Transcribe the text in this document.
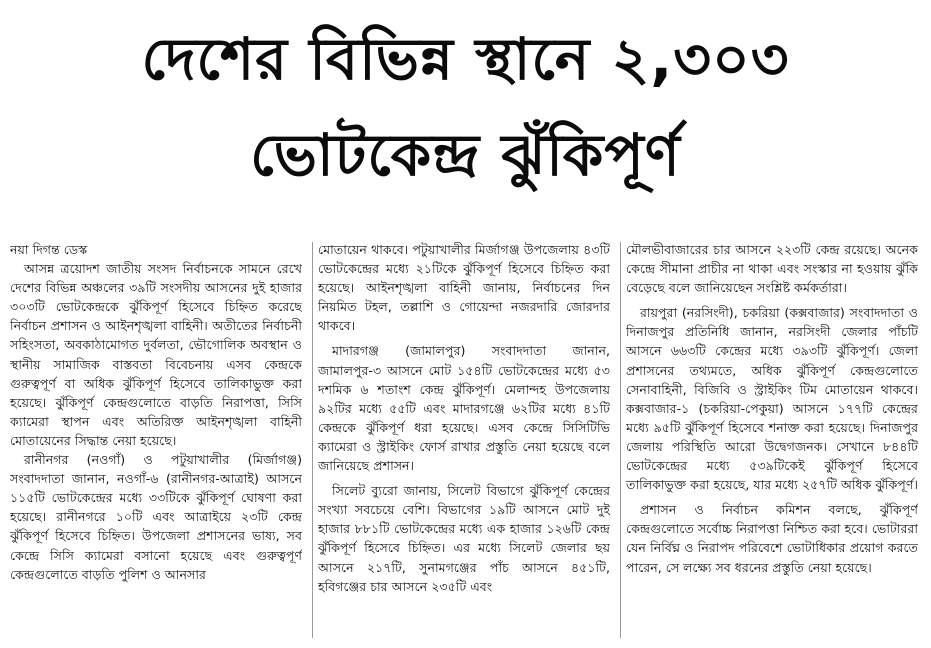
দেশের বিভিন্ন স্থানে ২,৩০৩
ভোটকেন্দ্র ঝুঁকিপূর্ণ

নয়া দিগন্ত ডেস্ক

আসন্ন ত্রয়োদশ জাতীয় সংসদ নির্বাচনকে সামনে রেখে দেশের বিভিন্ন অঞ্চলের ৩৯টি সংসদীয় আসনের দুই হাজার ৩০৩টি ভোটকেন্দ্রকে ঝুঁকিপূর্ণ হিসেবে চিহ্নিত করেছে নির্বাচন প্রশাসন ও আইনশৃঙ্খলা বাহিনী। অতীতের নির্বাচনী সহিংসতা, অবকাঠামোগত দুর্বলতা, ভৌগোলিক অবস্থান ও স্থানীয় সামাজিক বাস্তবতা বিবেচনায় এসব কেন্দ্রকে গুরুত্বপূর্ণ বা অধিক ঝুঁকিপূর্ণ হিসেবে তালিকাভুক্ত করা হয়েছে। ঝুঁকিপূর্ণ কেন্দ্রগুলোতে বাড়তি নিরাপত্তা, সিসি ক্যামেরা স্থাপন এবং অতিরিক্ত আইনশৃঙ্খলা বাহিনী মোতায়েনের সিদ্ধান্ত নেয়া হয়েছে।

রানীনগর (নওগাঁ) ও পটুয়াখালীর (মির্জাগঞ্জ) সংবাদদাতা জানান, নওগাঁ-৬ (রানীনগর-আত্রাই) আসনে ১১৫টি ভোটকেন্দ্রের মধ্যে ৩৩টিকে ঝুঁকিপূর্ণ ঘোষণা করা হয়েছে। রানীনগরে ১০টি এবং আত্রাইয়ে ২৩টি কেন্দ্র ঝুঁকিপূর্ণ হিসেবে চিহ্নিত। উপজেলা প্রশাসনের ভাষ্য, সব কেন্দ্রে সিসি ক্যামেরা বসানো হয়েছে এবং গুরুত্বপূর্ণ কেন্দ্রগুলোতে বাড়তি পুলিশ ও আনসার

মোতায়েন থাকবে। পটুয়াখালীর মির্জাগঞ্জ উপজেলায় ৪৩টি ভোটকেন্দ্রের মধ্যে ২১টিকে ঝুঁকিপূর্ণ হিসেবে চিহ্নিত করা হয়েছে। আইনশৃঙ্খলা বাহিনী জানায়, নির্বাচনের দিন নিয়মিত টহল, তল্লাশি ও গোয়েন্দা নজরদারি জোরদার থাকবে।

মাদারগঞ্জ (জামালপুর) সংবাদদাতা জানান, জামালপুর-৩ আসনে মোট ১৫৪টি ভোটকেন্দ্রের মধ্যে ৫৩ দশমিক ৬ শতাংশ কেন্দ্র ঝুঁকিপূর্ণ। মেলান্দহ উপজেলায় ৯২টির মধ্যে ৫৫টি এবং মাদারগঞ্জে ৬২টির মধ্যে ৪১টি কেন্দ্রকে ঝুঁকিপূর্ণ ধরা হয়েছে। এসব কেন্দ্রে সিসিটিভি ক্যামেরা ও স্ট্রাইকিং ফোর্স রাখার প্রস্তুতি নেয়া হয়েছে বলে জানিয়েছে প্রশাসন।

সিলেট ব্যুরো জানায়, সিলেট বিভাগে ঝুঁকিপূর্ণ কেন্দ্রের সংখ্যা সবচেয়ে বেশি। বিভাগের ১৯টি আসনে মোট দুই হাজার ৮৮১টি ভোটকেন্দ্রের মধ্যে এক হাজার ১২৬টি কেন্দ্র ঝুঁকিপূর্ণ হিসেবে চিহ্নিত। এর মধ্যে সিলেট জেলার ছয় আসনে ২১৭টি, সুনামগঞ্জের পাঁচ আসনে ৪৫১টি, হবিগঞ্জের চার আসনে ২৩৫টি এবং

মৌলভীবাজারের চার আসনে ২২৩টি কেন্দ্র রয়েছে। অনেক কেন্দ্রে সীমানা প্রাচীর না থাকা এবং সংস্কার না হওয়ায় ঝুঁকি বেড়েছে বলে জানিয়েছেন সংশ্লিষ্ট কর্মকর্তারা।

রায়পুরা (নরসিংদী), চকরিয়া (কক্সবাজার) সংবাদদাতা ও দিনাজপুর প্রতিনিধি জানান, নরসিংদী জেলার পাঁচটি আসনে ৬৬৩টি কেন্দ্রের মধ্যে ৩৯৩টি ঝুঁকিপূর্ণ। জেলা প্রশাসনের তথ্যমতে, অধিক ঝুঁকিপূর্ণ কেন্দ্রগুলোতে সেনাবাহিনী, বিজিবি ও স্ট্রাইকিং টিম মোতায়েন থাকবে। কক্সবাজার-১ (চকরিয়া-পেকুয়া) আসনে ১৭৭টি কেন্দ্রের মধ্যে ৯৫টি ঝুঁকিপূর্ণ হিসেবে শনাক্ত করা হয়েছে। দিনাজপুর জেলায় পরিস্থিতি আরো উদ্বেগজনক। সেখানে ৮৪৪টি ভোটকেন্দ্রের মধ্যে ৫৩৯টিকেই ঝুঁকিপূর্ণ হিসেবে তালিকাভুক্ত করা হয়েছে, যার মধ্যে ২৫৭টি অধিক ঝুঁকিপূর্ণ।

প্রশাসন ও নির্বাচন কমিশন বলছে, ঝুঁকিপূর্ণ কেন্দ্রগুলোতে সর্বোচ্চ নিরাপত্তা নিশ্চিত করা হবে। ভোটাররা যেন নির্বিঘ্ন ও নিরাপদ পরিবেশে ভোটাধিকার প্রয়োগ করতে পারেন, সে লক্ষ্যে সব ধরনের প্রস্তুতি নেয়া হয়েছে।
